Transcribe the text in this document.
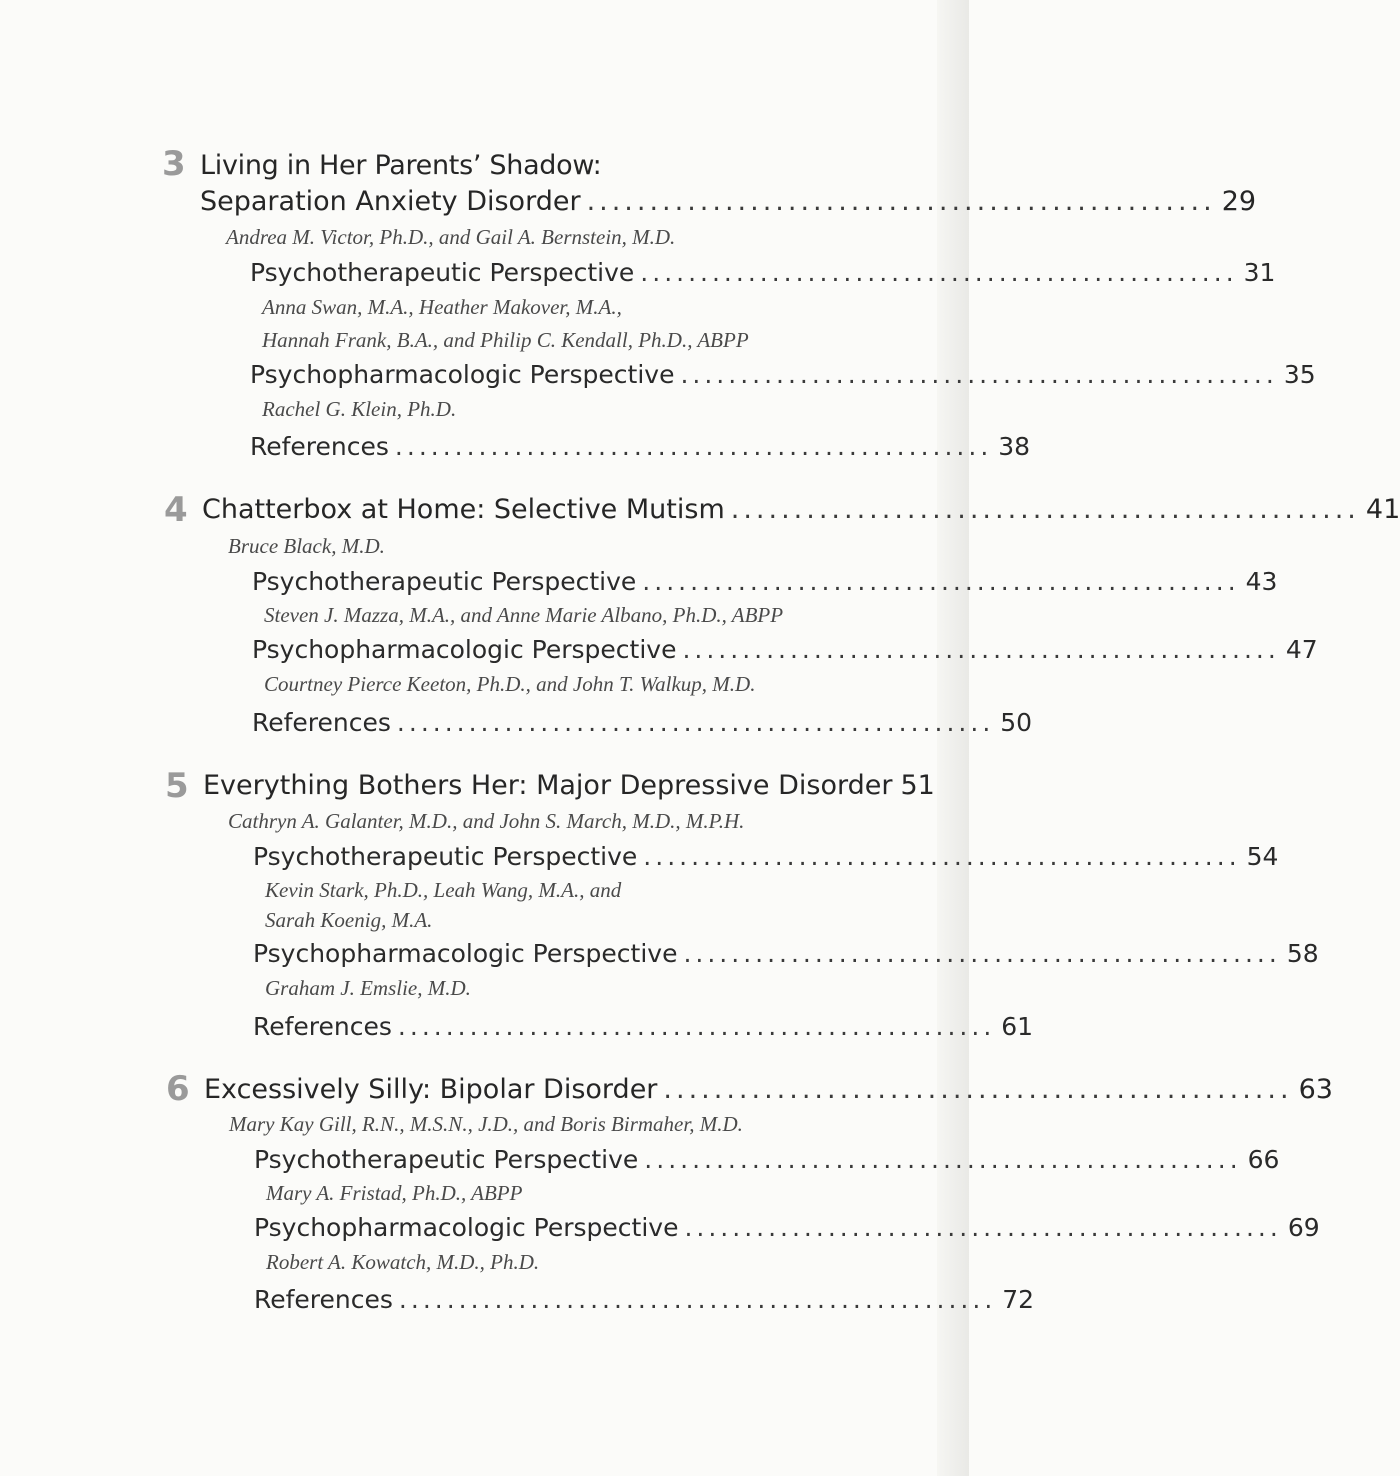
3 Living in Her Parents’ Shadow:
Separation Anxiety Disorder .................................................. 29
Andrea M. Victor, Ph.D., and Gail A. Bernstein, M.D.
Psychotherapeutic Perspective .................................................. 31
Anna Swan, M.A., Heather Makover, M.A.,
Hannah Frank, B.A., and Philip C. Kendall, Ph.D., ABPP
Psychopharmacologic Perspective .................................................. 35
Rachel G. Klein, Ph.D.
References .................................................. 38
4 Chatterbox at Home: Selective Mutism .................................................. 41
Bruce Black, M.D.
Psychotherapeutic Perspective .................................................. 43
Steven J. Mazza, M.A., and Anne Marie Albano, Ph.D., ABPP
Psychopharmacologic Perspective .................................................. 47
Courtney Pierce Keeton, Ph.D., and John T. Walkup, M.D.
References .................................................. 50
5 Everything Bothers Her: Major Depressive Disorder 51
Cathryn A. Galanter, M.D., and John S. March, M.D., M.P.H.
Psychotherapeutic Perspective .................................................. 54
Kevin Stark, Ph.D., Leah Wang, M.A., and
Sarah Koenig, M.A.
Psychopharmacologic Perspective .................................................. 58
Graham J. Emslie, M.D.
References .................................................. 61
6 Excessively Silly: Bipolar Disorder .................................................. 63
Mary Kay Gill, R.N., M.S.N., J.D., and Boris Birmaher, M.D.
Psychotherapeutic Perspective .................................................. 66
Mary A. Fristad, Ph.D., ABPP
Psychopharmacologic Perspective .................................................. 69
Robert A. Kowatch, M.D., Ph.D.
References .................................................. 72
